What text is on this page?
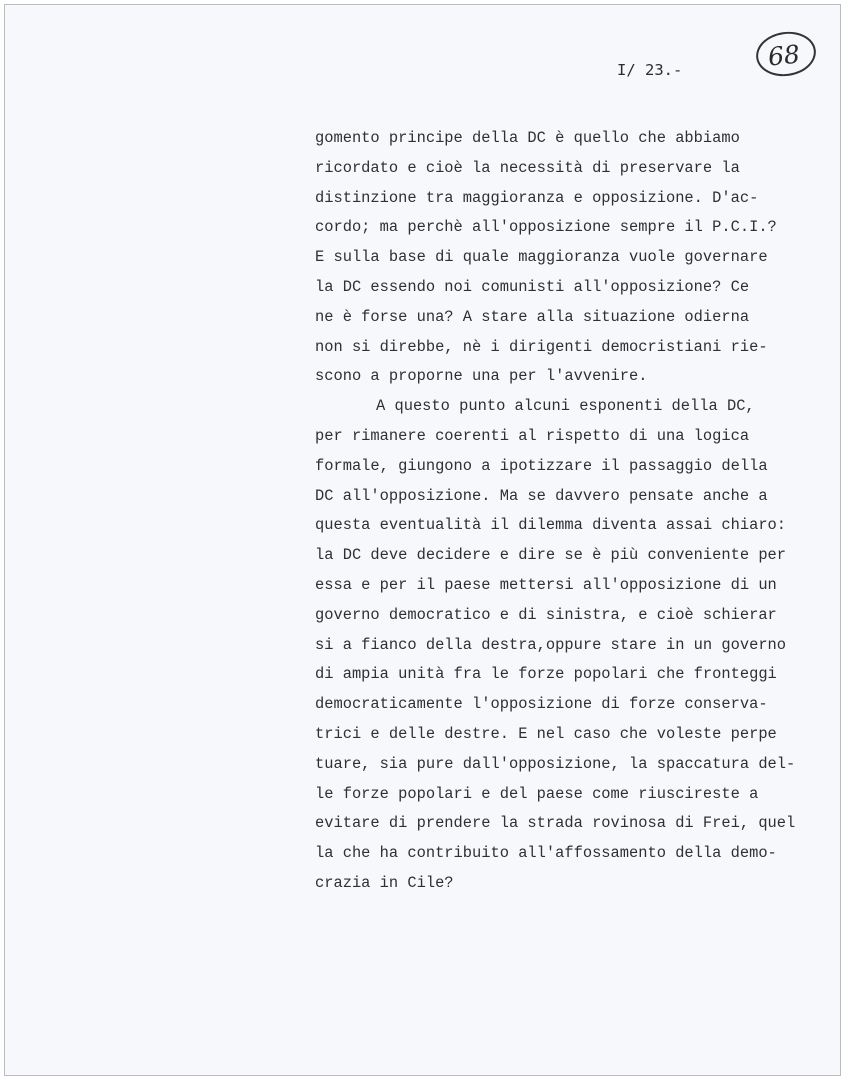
I/ 23.-	68
gomento principe della DC è quello che abbiamo
ricordato e cioè la necessità di preservare la
distinzione tra maggioranza e opposizione. D'ac-
cordo; ma perchè all'opposizione sempre il P.C.I.?
E sulla base di quale maggioranza vuole governare
la DC essendo noi comunisti all'opposizione? Ce
ne è forse una? A stare alla situazione odierna
non si direbbe, nè i dirigenti democristiani rie-
scono a proporne una per l'avvenire.
A questo punto alcuni esponenti della DC,
per rimanere coerenti al rispetto di una logica
formale, giungono a ipotizzare il passaggio della
DC all'opposizione. Ma se davvero pensate anche a
questa eventualità il dilemma diventa assai chiaro:
la DC deve decidere e dire se è più conveniente per
essa e per il paese mettersi all'opposizione di un
governo democratico e di sinistra, e cioè schierar
si a fianco della destra,oppure stare in un governo
di ampia unità fra le forze popolari che fronteggi
democraticamente l'opposizione di forze conserva-
trici e delle destre. E nel caso che voleste perpe
tuare, sia pure dall'opposizione, la spaccatura del-
le forze popolari e del paese come riuscireste a
evitare di prendere la strada rovinosa di Frei, quel
la che ha contribuito all'affossamento della demo-
crazia in Cile?
